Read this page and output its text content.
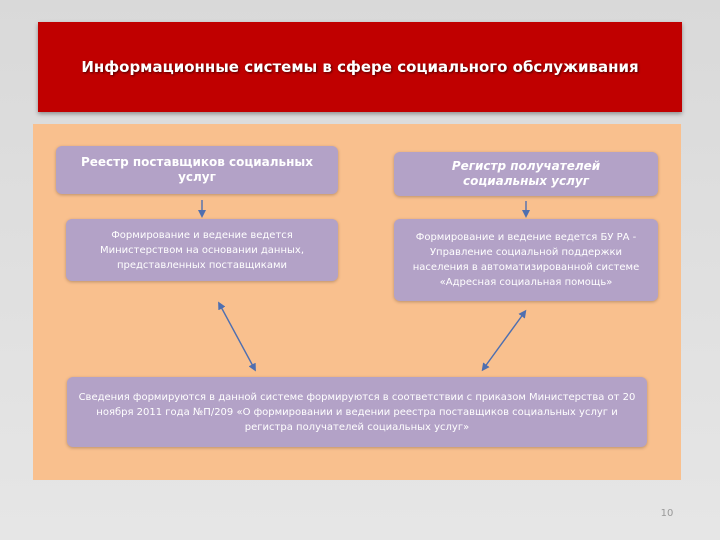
Информационные системы в сфере социального обслуживания
Реестр поставщиков социальных услуг
Регистр получателей социальных услуг
Формирование и ведение ведется Министерством на основании данных, представленных поставщиками
Формирование и ведение ведется БУ РА - Управление социальной поддержки населения в автоматизированной системе «Адресная социальная помощь»
Сведения формируются в данной системе формируются в соответствии с приказом Министерства от 20 ноября 2011 года №П/209 «О формировании и ведении реестра поставщиков социальных услуг и регистра получателей социальных услуг»
10
